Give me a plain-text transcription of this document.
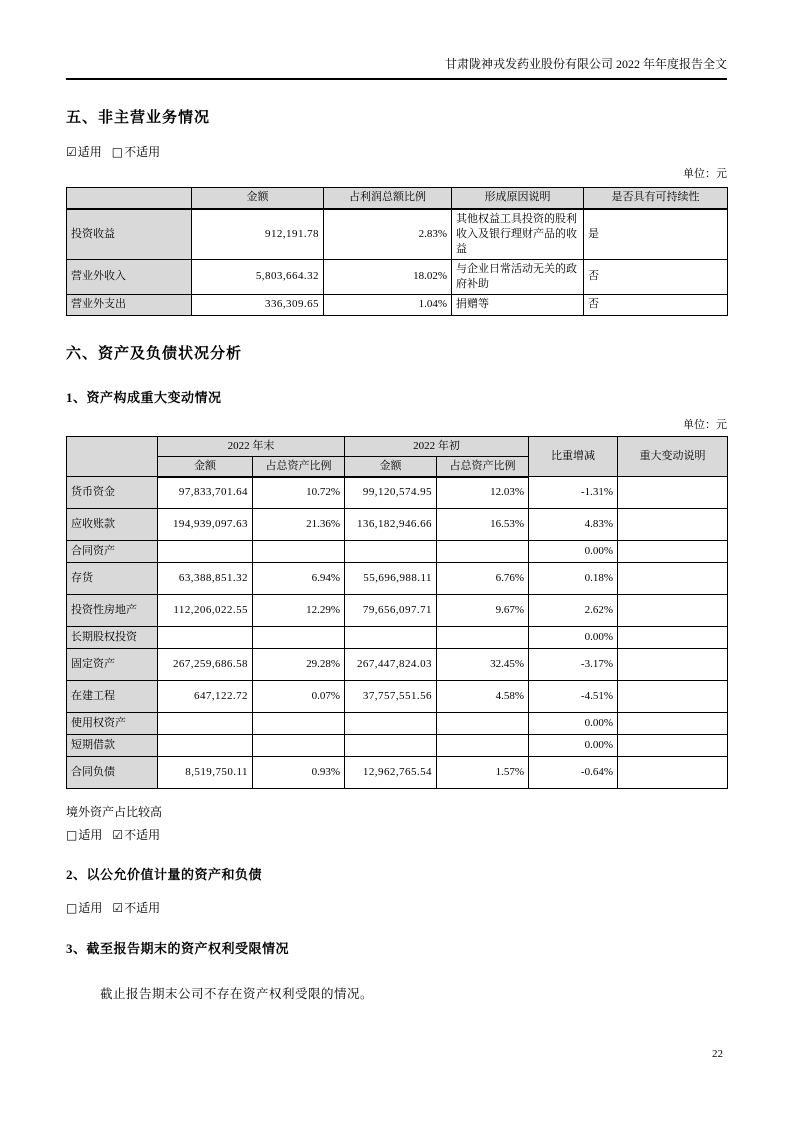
甘肃陇神戎发药业股份有限公司 2022 年年度报告全文
五、非主营业务情况
☑适用 □不适用
单位：元
	金额	占利润总额比例	形成原因说明	是否具有可持续性
投资收益	912,191.78	2.83%	其他权益工具投资的股利收入及银行理财产品的收益	是
营业外收入	5,803,664.32	18.02%	与企业日常活动无关的政府补助	否
营业外支出	336,309.65	1.04%	捐赠等	否
六、资产及负债状况分析
1、资产构成重大变动情况
单位：元
	2022 年末		2022 年初		比重增减	重大变动说明
	金额	占总资产比例	金额	占总资产比例		
货币资金	97,833,701.64	10.72%	99,120,574.95	12.03%	-1.31%	
应收账款	194,939,097.63	21.36%	136,182,946.66	16.53%	4.83%	
合同资产					0.00%	
存货	63,388,851.32	6.94%	55,696,988.11	6.76%	0.18%	
投资性房地产	112,206,022.55	12.29%	79,656,097.71	9.67%	2.62%	
长期股权投资					0.00%	
固定资产	267,259,686.58	29.28%	267,447,824.03	32.45%	-3.17%	
在建工程	647,122.72	0.07%	37,757,551.56	4.58%	-4.51%	
使用权资产					0.00%	
短期借款					0.00%	
合同负债	8,519,750.11	0.93%	12,962,765.54	1.57%	-0.64%	
境外资产占比较高
□适用 ☑不适用
2、以公允价值计量的资产和负债
□适用 ☑不适用
3、截至报告期末的资产权利受限情况
截止报告期末公司不存在资产权利受限的情况。
22
